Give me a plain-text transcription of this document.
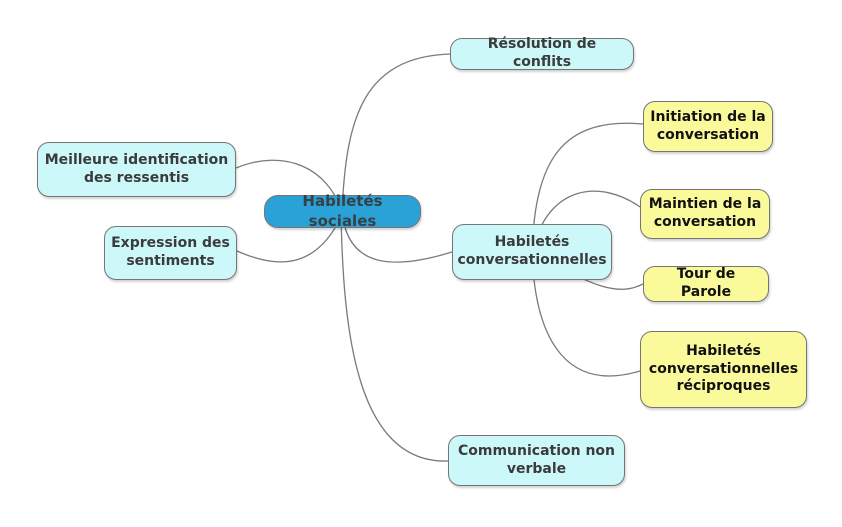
Habiletés sociales
Meilleure identification des ressentis
Expression des sentiments
Résolution de conflits
Habiletés conversationnelles
Communication non verbale
Initiation de la conversation
Maintien de la conversation
Tour de Parole
Habiletés conversationnelles réciproques
